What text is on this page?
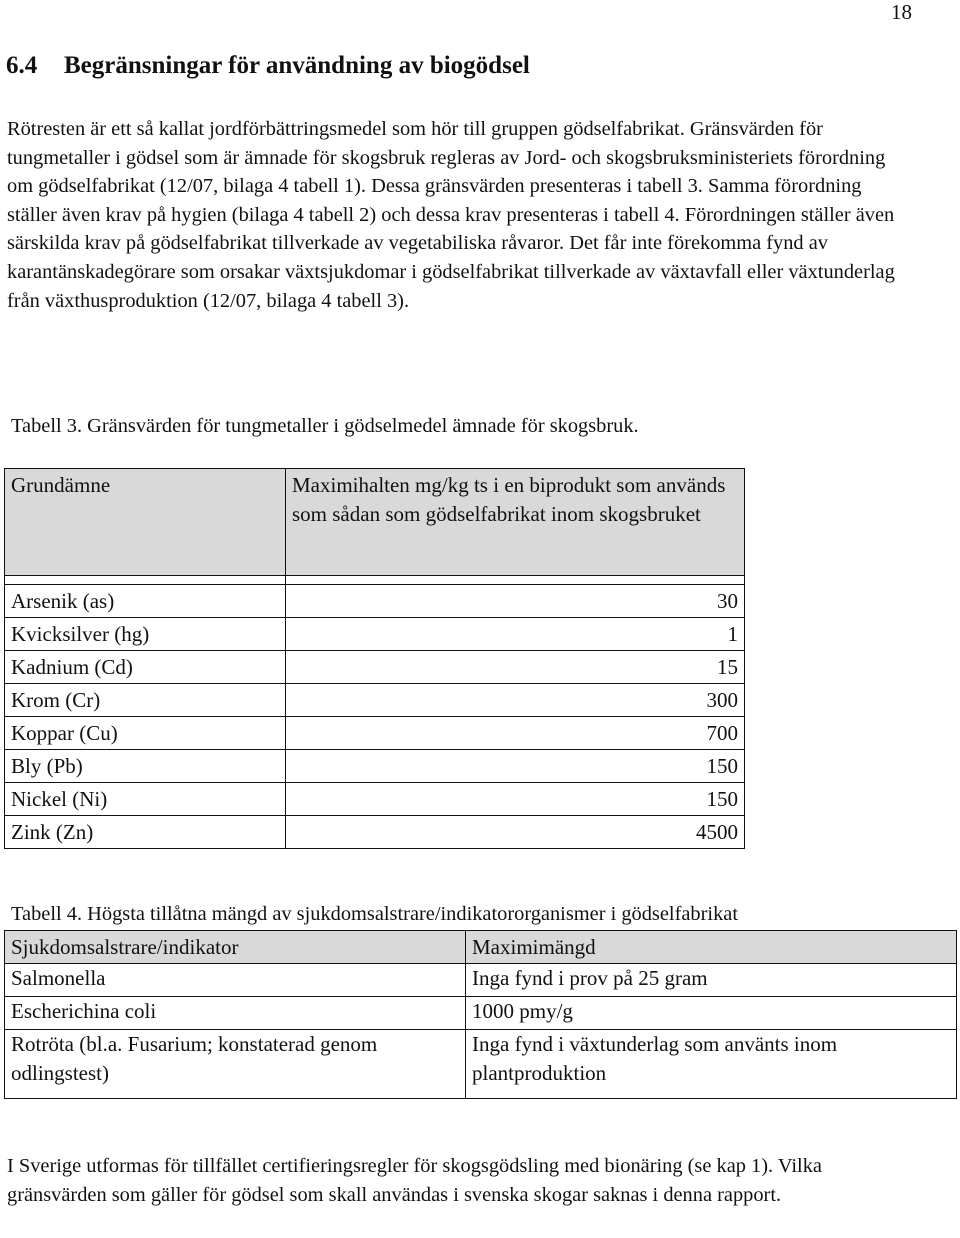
18
6.4 Begränsningar för användning av biogödsel

Rötresten är ett så kallat jordförbättringsmedel som hör till gruppen gödselfabrikat. Gränsvärden för tungmetaller i gödsel som är ämnade för skogsbruk regleras av Jord- och skogsbruksministeriets förordning om gödselfabrikat (12/07, bilaga 4 tabell 1). Dessa gränsvärden presenteras i tabell 3. Samma förordning ställer även krav på hygien (bilaga 4 tabell 2) och dessa krav presenteras i tabell 4. Förordningen ställer även särskilda krav på gödselfabrikat tillverkade av vegetabiliska råvaror. Det får inte förekomma fynd av karantänskadegörare som orsakar växtsjukdomar i gödselfabrikat tillverkade av växtavfall eller växtunderlag från växthusproduktion (12/07, bilaga 4 tabell 3).

Tabell 3. Gränsvärden för tungmetaller i gödselmedel ämnade för skogsbruk.

Grundämne	Maximihalten mg/kg ts i en biprodukt som används som sådan som gödselfabrikat inom skogsbruket

Arsenik (as)	30
Kvicksilver (hg)	1
Kadnium (Cd)	15
Krom (Cr)	300
Koppar (Cu)	700
Bly (Pb)	150
Nickel (Ni)	150
Zink (Zn)	4500

Tabell 4. Högsta tillåtna mängd av sjukdomsalstrare/indikatororganismer i gödselfabrikat

Sjukdomsalstrare/indikator	Maximimängd
Salmonella	Inga fynd i prov på 25 gram
Escherichina coli	1000 pmy/g
Rotröta (bl.a. Fusarium; konstaterad genom odlingstest)	Inga fynd i växtunderlag som använts inom plantproduktion

I Sverige utformas för tillfället certifieringsregler för skogsgödsling med bionäring (se kap 1). Vilka gränsvärden som gäller för gödsel som skall användas i svenska skogar saknas i denna rapport.
